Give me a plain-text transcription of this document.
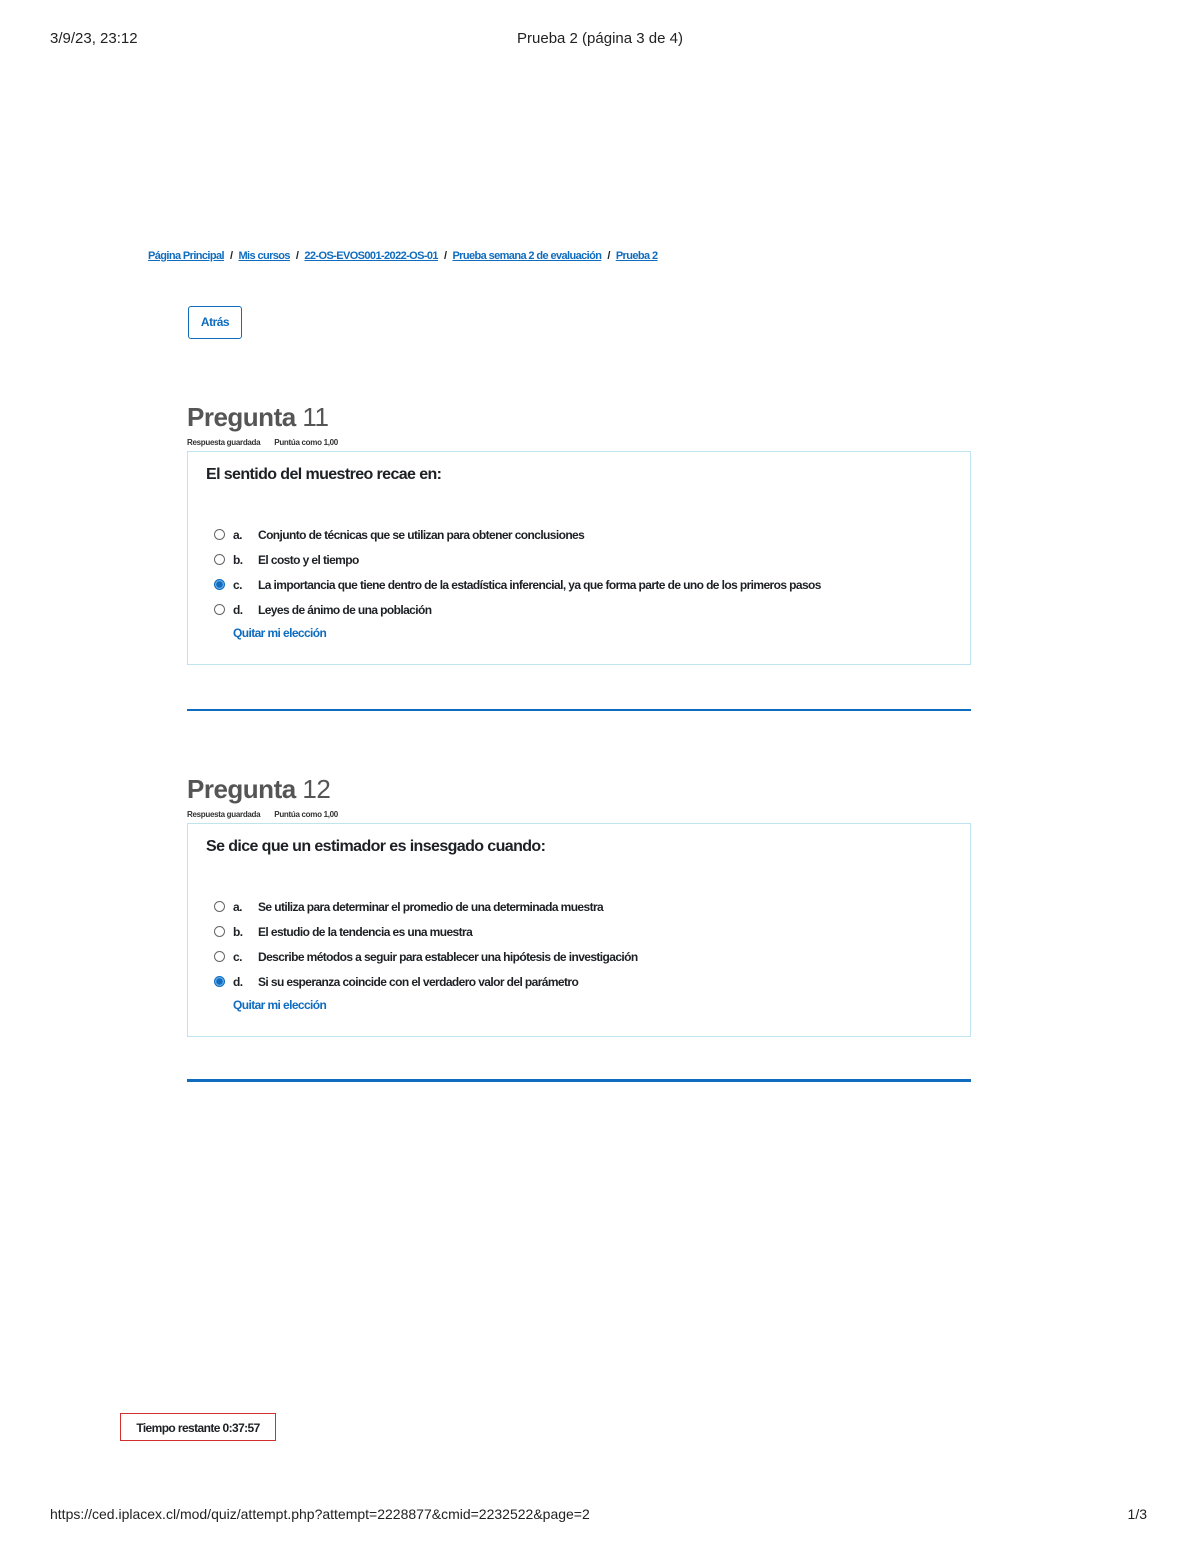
3/9/23, 23:12	Prueba 2 (página 3 de 4)
Página Principal / Mis cursos / 22-OS-EVOS001-2022-OS-01 / Prueba semana 2 de evaluación / Prueba 2
Atrás
Pregunta 11
Respuesta guardada Puntúa como 1,00
El sentido del muestreo recae en:
a.	Conjunto de técnicas que se utilizan para obtener conclusiones
b.	El costo y el tiempo
c.	La importancia que tiene dentro de la estadística inferencial, ya que forma parte de uno de los primeros pasos
d.	Leyes de ánimo de una población
Quitar mi elección
Pregunta 12
Respuesta guardada Puntúa como 1,00
Se dice que un estimador es insesgado cuando:
a.	Se utiliza para determinar el promedio de una determinada muestra
b.	El estudio de la tendencia es una muestra
c.	Describe métodos a seguir para establecer una hipótesis de investigación
d.	Si su esperanza coincide con el verdadero valor del parámetro
Quitar mi elección
Tiempo restante 0:37:57
https://ced.iplacex.cl/mod/quiz/attempt.php?attempt=2228877&cmid=2232522&page=2	1/3
